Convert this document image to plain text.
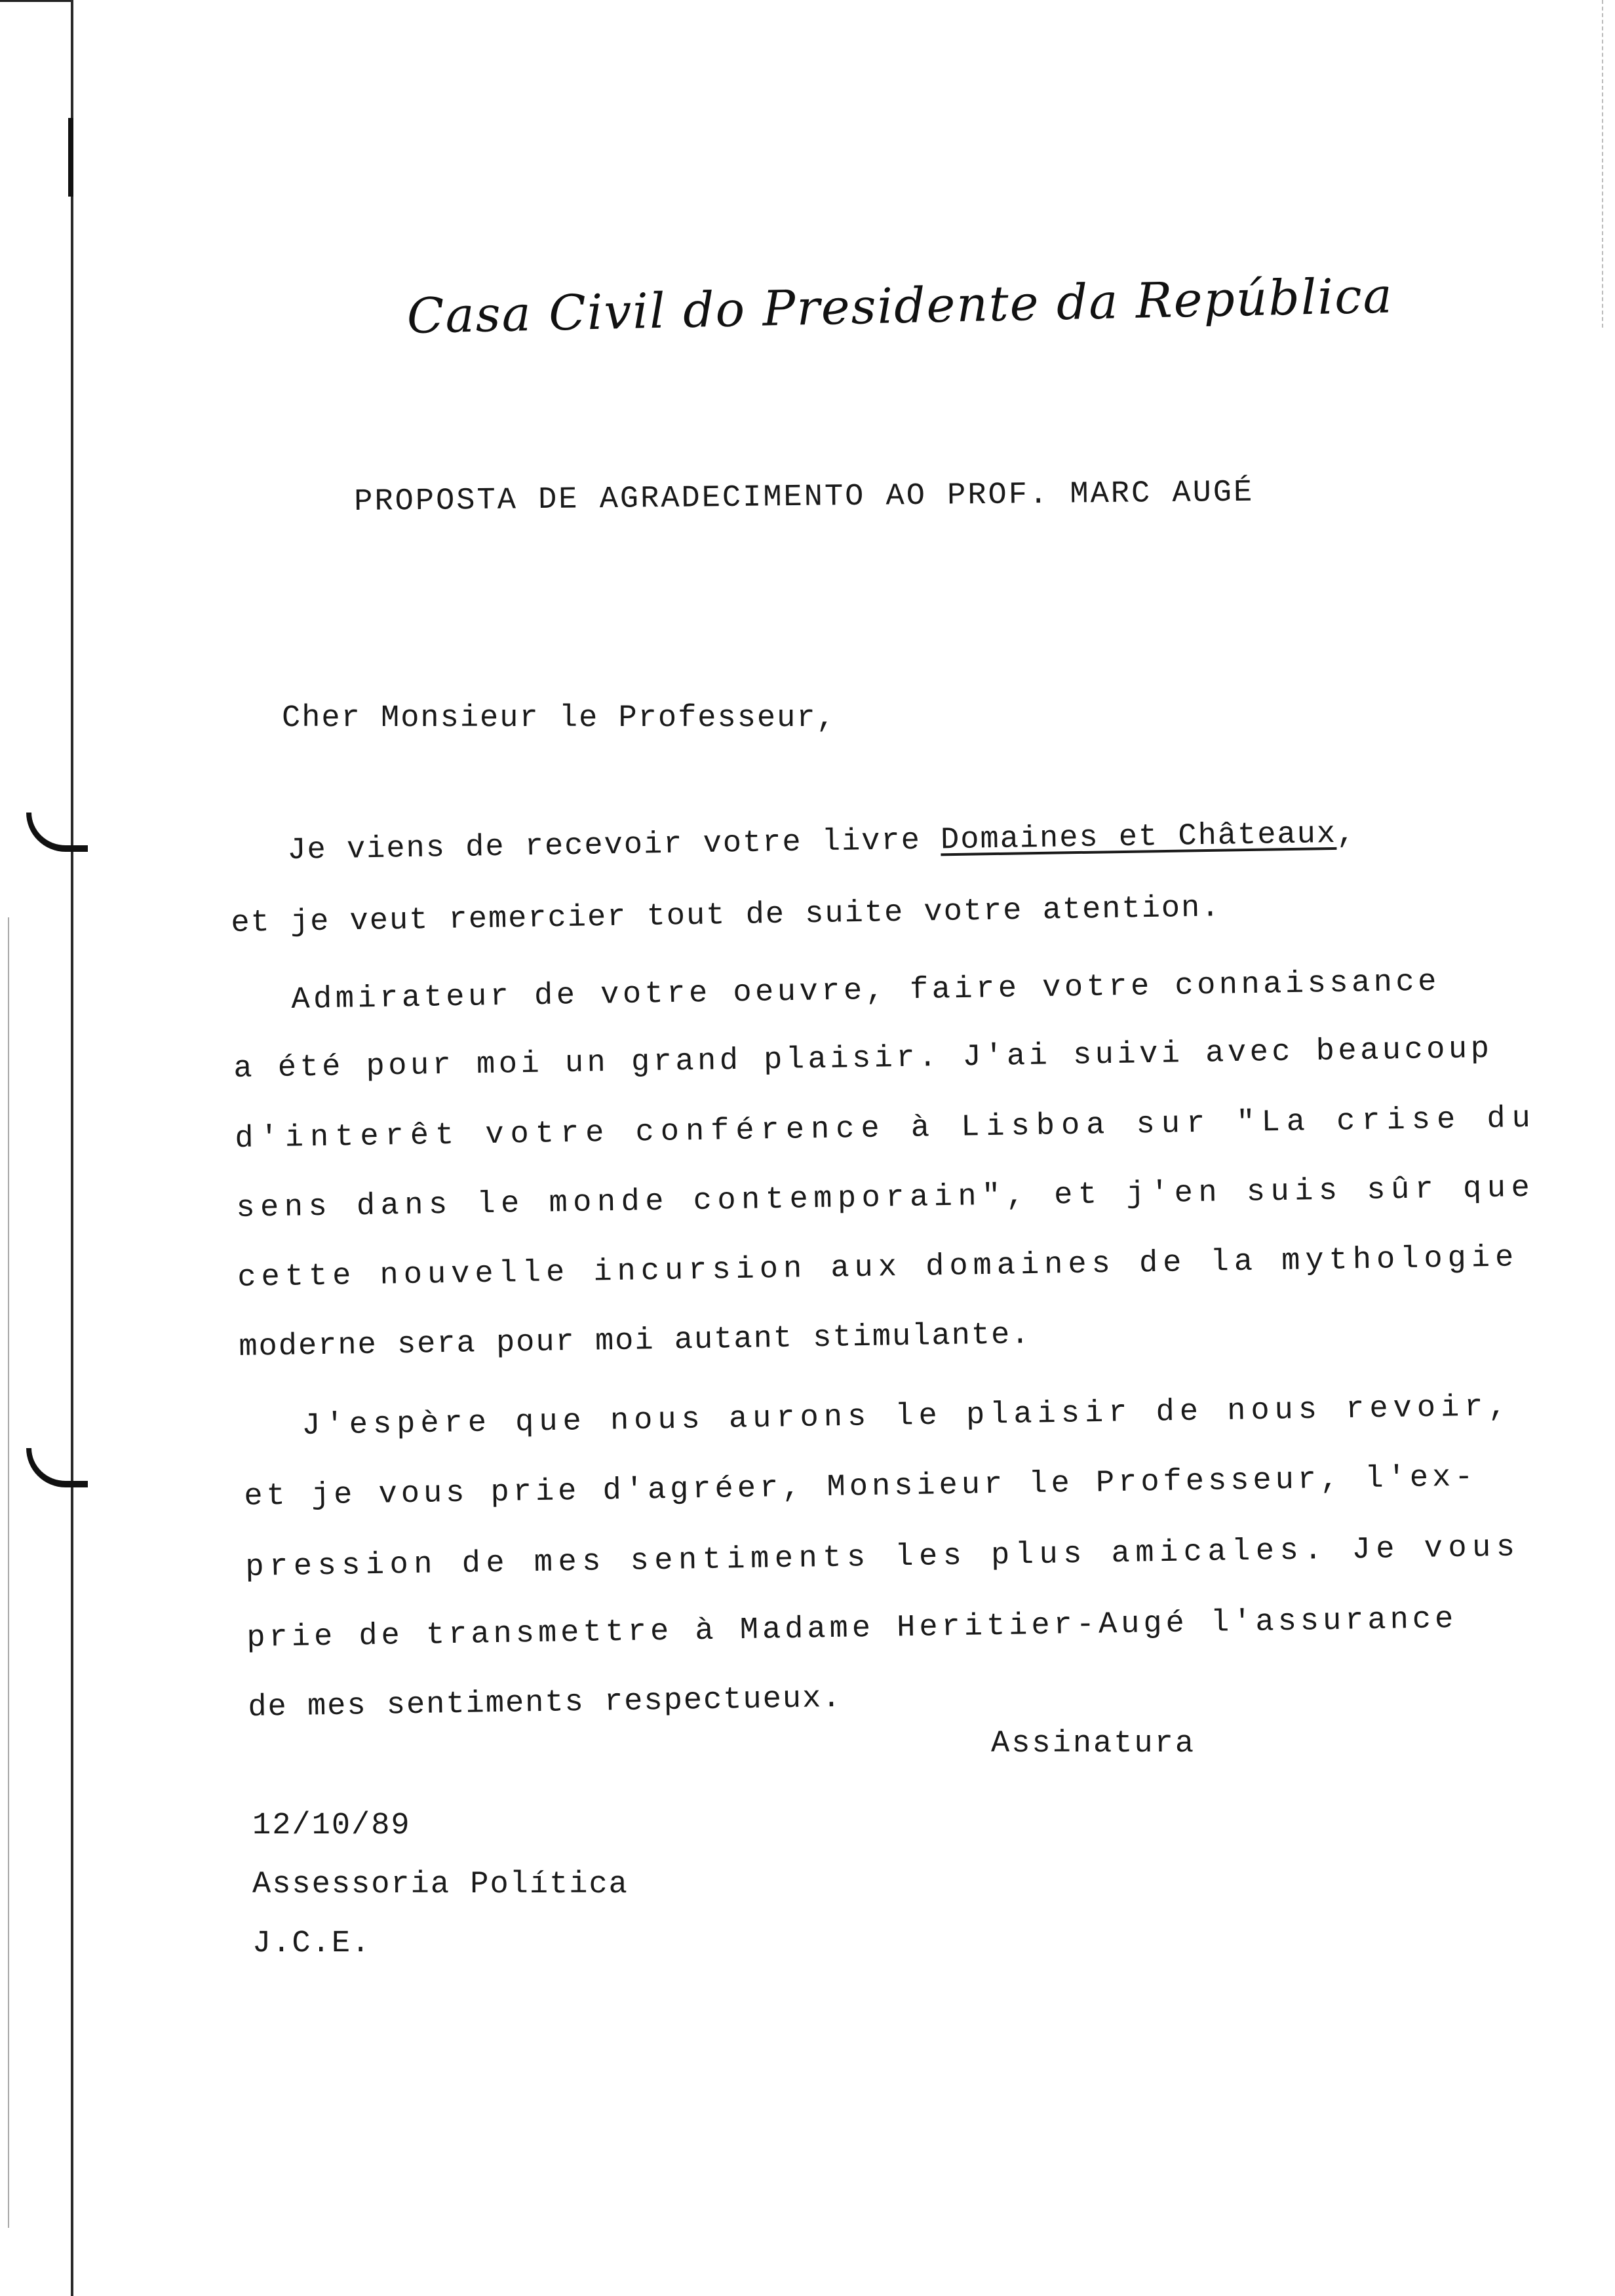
Casa Civil do Presidente da República
PROPOSTA DE AGRADECIMENTO AO PROF. MARC AUGÉ
Cher Monsieur le Professeur,
Je viens de recevoir votre livre Domaines et Châteaux,
et je veut remercier tout de suite votre atention.
Admirateur de votre oeuvre, faire votre connaissance
a été pour moi un grand plaisir. J'ai suivi avec beaucoup
d'interêt votre conférence à Lisboa sur "La crise du
sens dans le monde contemporain", et j'en suis sûr que
cette nouvelle incursion aux domaines de la mythologie
moderne sera pour moi autant stimulante.
J'espère que nous aurons le plaisir de nous revoir,
et je vous prie d'agréer, Monsieur le Professeur, l'ex-
pression de mes sentiments les plus amicales. Je vous
prie de transmettre à Madame Heritier-Augé l'assurance
de mes sentiments respectueux.
Assinatura
12/10/89
Assessoria Política
J.C.E.
